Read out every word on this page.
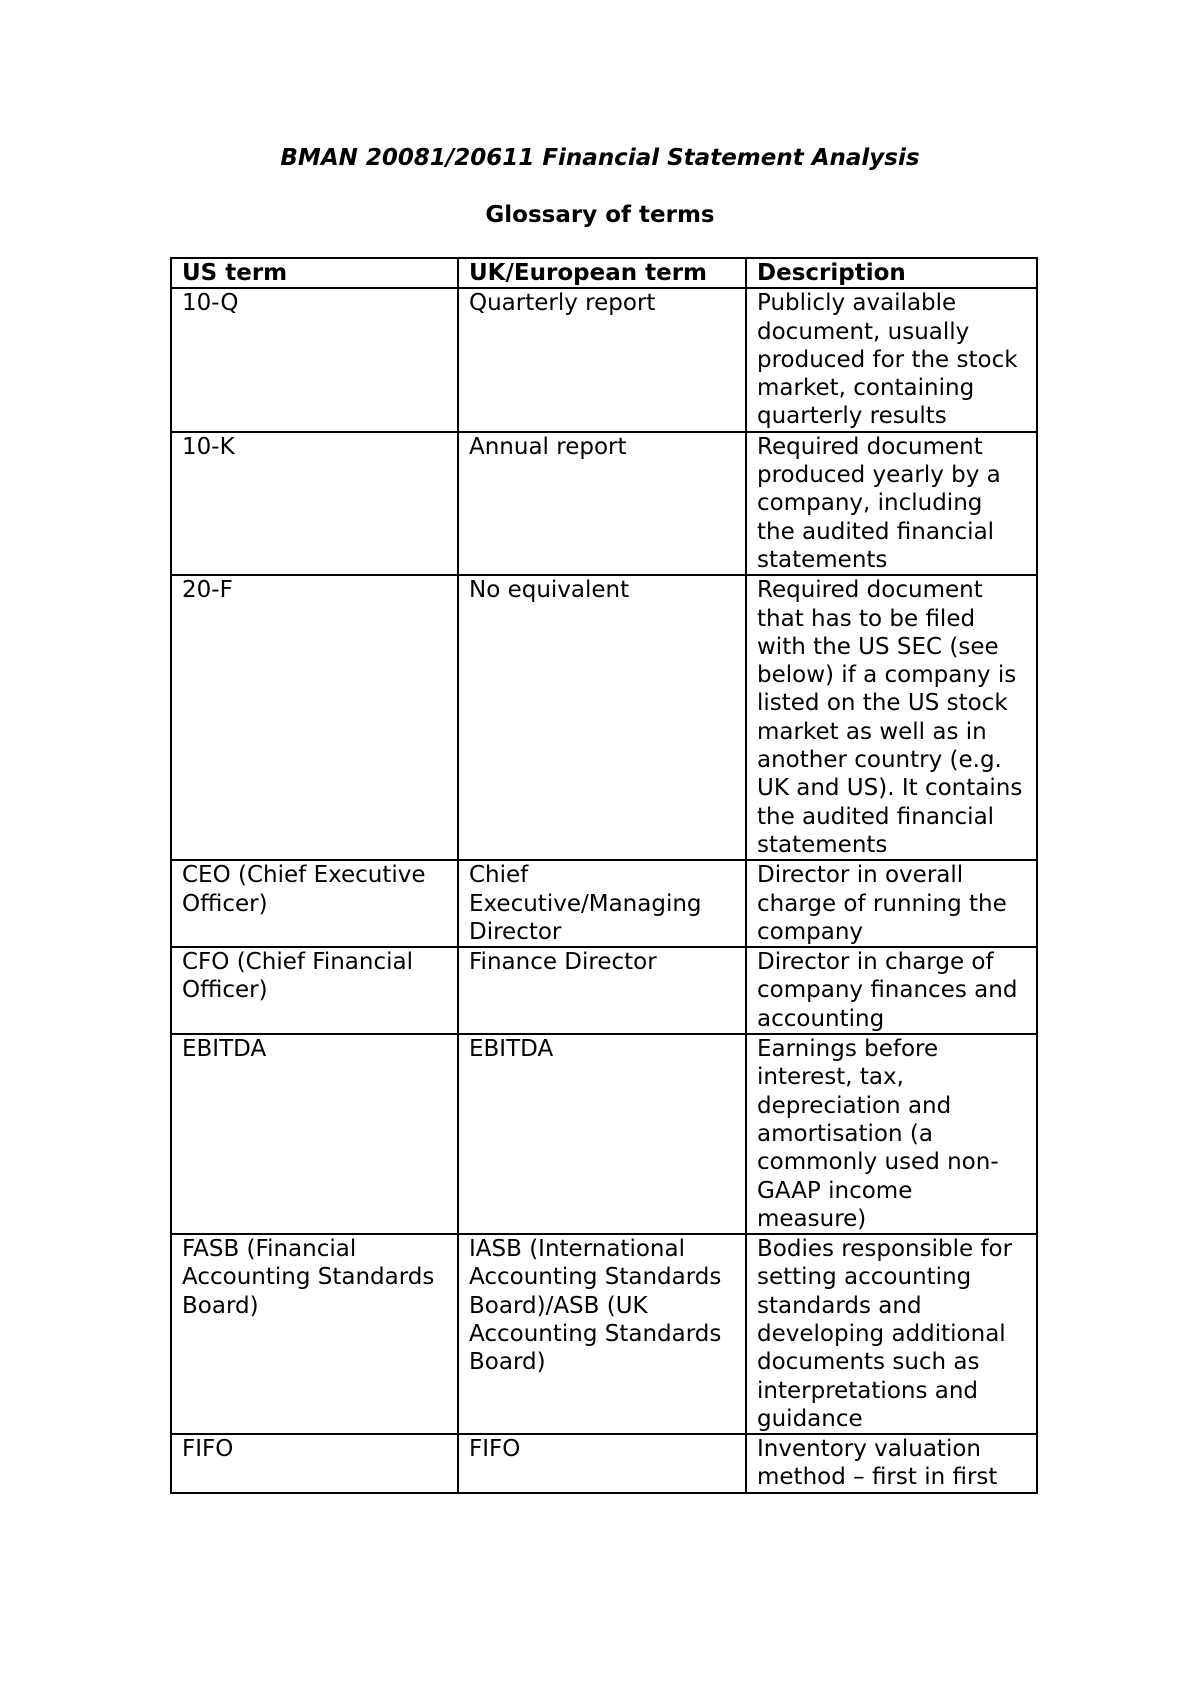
BMAN 20081/20611 Financial Statement Analysis
Glossary of terms
US term	UK/European term	Description
10-Q	Quarterly report	Publicly available document, usually produced for the stock market, containing quarterly results
10-K	Annual report	Required document produced yearly by a company, including the audited financial statements
20-F	No equivalent	Required document that has to be filed with the US SEC (see below) if a company is listed on the US stock market as well as in another country (e.g. UK and US). It contains the audited financial statements
CEO (Chief Executive Officer)	Chief Executive/Managing Director	Director in overall charge of running the company
CFO (Chief Financial Officer)	Finance Director	Director in charge of company finances and accounting
EBITDA	EBITDA	Earnings before interest, tax, depreciation and amortisation (a commonly used non-GAAP income measure)
FASB (Financial Accounting Standards Board)	IASB (International Accounting Standards Board)/ASB (UK Accounting Standards Board)	Bodies responsible for setting accounting standards and developing additional documents such as interpretations and guidance
FIFO	FIFO	Inventory valuation method – first in first
